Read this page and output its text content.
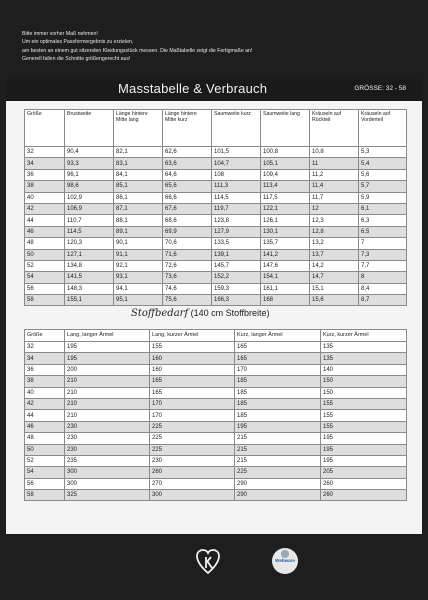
Bitte immer vorher Maß nehmen!
Um ein optimales Passformergebnis zu erzielen,
am besten an einem gut sitzenden Kleidungsstück messen. Die Maßtabelle zeigt die Fertigmaße an!
Generell fallen die Schnitte größengerecht aus!
Masstabelle & Verbrauch	GRÖSSE: 32 - 58
Größe	Brustweite	Länge hintere Mitte lang	Länge hintere Mitte kurz	Saumweite kurz	Saumweite lang	Kräuseln auf Rückteil	Kräuseln auf Vorderteil
32	90,4	82,1	62,6	101,5	100,8	10,8	5,3
34	93,3	83,1	63,6	104,7	105,1	11	5,4
36	96,1	84,1	64,6	108	109,4	11,2	5,6
38	98,6	85,1	65,6	111,3	113,4	11,4	5,7
40	102,9	86,1	66,6	114,5	117,5	11,7	5,9
42	106,9	87,1	67,6	119,7	122,1	12	6,1
44	110,7	88,1	68,6	123,8	126,1	12,3	6,3
46	114,5	89,1	69,9	127,9	130,1	12,8	6,5
48	120,3	90,1	70,6	133,5	135,7	13,2	7
50	127,1	91,1	71,6	139,1	141,2	13,7	7,3
52	134,8	92,1	72,6	145,7	147,6	14,2	7,7
54	141,5	93,1	73,6	152,2	154,1	14,7	8
56	148,3	94,1	74,6	159,3	161,1	15,1	8,4
58	155,1	95,1	75,6	166,3	168	15,6	8,7
Stoffbedarf (140 cm Stoffbreite)
Größe	Lang, langer Ärmel	Lang, kurzer Ärmel	Kurz, langer Ärmel	Kurz, kurzer Ärmel
32	195	155	165	135
34	195	160	165	135
36	200	160	170	140
38	210	165	185	150
40	210	165	185	150
42	210	170	185	155
44	210	170	185	155
46	230	225	195	155
48	230	225	215	195
50	230	225	215	195
52	235	230	215	195
54	300	260	225	205
56	300	270	290	260
58	325	300	290	260
Webware
